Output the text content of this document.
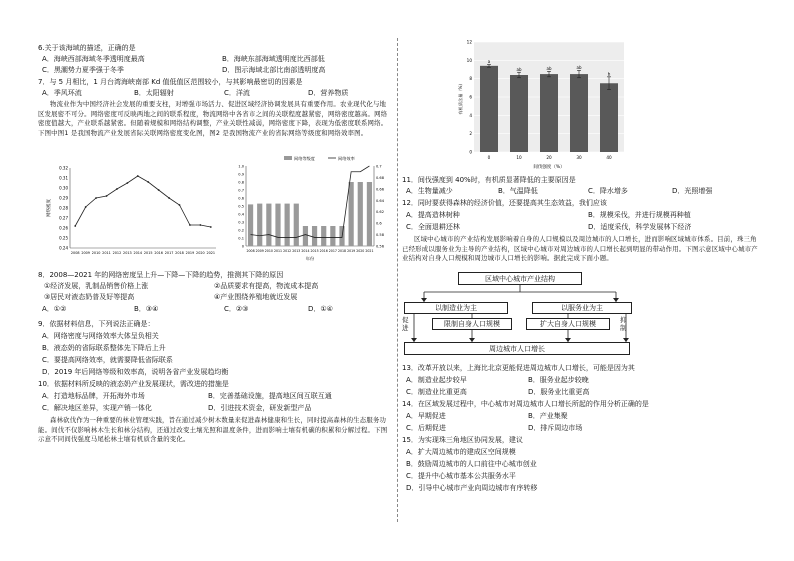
6.关于该海域的描述，正确的是
A．海峡西部海域冬季透明度最高	B．海峡东部海域透明度比西部低
C．黑潮势力夏季强于冬季	D．图示海域北部比南部透明度高
7．与 5 月相比，1 月台湾海峡南部 Kd 值低值区范围较小，与其影响最密切的因素是
A．季风环流	B．太阳辐射	C．洋流	D．营养物质
物流业作为中国经济社会发展的重要支柱，对增强市场活力、促进区域经济协调发展具有重要作用。农业现代化与地区发展密不可分。网络密度可反映两地之间的联系程度，物流网络中各省市之间的关联程度越紧密，网络密度越高。网络密度值越大，产业联系越紧密。但随着规模和网络结构调整，产业关联性减弱，网络密度下降，表现为低密度联系网络。下图中图1 是我国物流产业发展省际关联网络密度变化图，图2 是我国物流产业的省际网络等级度和网络效率图。
0.32
0.31
0.30
0.29
0.28
0.27
0.26
0.25
0.24
网络密度
2008 2009 2010 2011 2012 2013 2014 2015 2016 2017 2018 2019 2020 2021
网络等级度	网络效率
1.0
0.9
0.8
0.7
0.6
0.5
0.4
0.3
0.2
0.1
0
0.7
0.68
0.66
0.64
0.62
0.6
0.58
0.56
2008 2009 2010 2011 2012 2013 2014 2015 2016 2017 2018 2019 2020 2021
年份
8．2008—2021 年的网络密度呈上升—下降—下降的趋势，推测其下降的原因
①经济发展，乳制品销售价格上涨	②品质要求有提高，物流成本提高
③居民对液态奶普及好等提高	④产业围绕养殖地就近发展
A．①②	B．③④	C．②③	D．①④
9．依据材料信息，下列说法正确是：
A．网络密度与网络效率大体呈负相关
B．液态奶的省际联系整体先下降后上升
C．要提高网络效率，就需要降低省际联系
D．2019 年后网络等级和效率高，说明各省产业发展趋均衡
10．依据材料所反映的液态奶产业发展现状，需改进的措施是
A．打造地标品牌，开拓海外市场	B．完善基础设施，提高地区间互联互通
C．解决地区差异，实现产销一体化	D．引进技术资金，研发新型产品
森林砍伐作为一种重要的林业管理实践，旨在通过减少树木数量来促进森林健康和生长，同时提高森林的生态服务功能。间伐不仅影响林木生长和林分结构，还通过改变土壤光照和温度条件，进而影响土壤有机碳的积累和分解过程。下图示意不同间伐强度马尾松林土壤有机质含量的变化。
12
10
8
6
4
2
0
a
ab	ab	ab
b
0	10	20	30	40
有机质含量（%）
间伐强度（%）
11．间伐强度到 40%时，有机质显著降低的主要原因是
A．生物量减少	B．气温降低	C．降水增多	D．光照增强
12．同时要获得森林的经济价值，还要提高其生态效益，我们应该
A．提高造林树种	B．规模采伐，并进行规模再种植
C．全面退耕还林	D．适度采伐，科学发展林下经济
区域中心城市的产业结构发展影响着自身的人口规模以及周边城市的人口增长，进而影响区域城市体系。目前，珠三角已经形成以服务业为主导的产业结构，区域中心城市对周边城市的人口增长起到明显的带动作用。下图示意区域中心城市产业结构对自身人口规模和周边城市人口增长的影响。据此完成下面小题。
区域中心城市产业结构
以制造业为主	以服务业为主
限制自身人口规模	扩大自身人口规模
促进
抑制
周边城市人口增长
13．改革开放以来，上海比北京更能促进周边城市人口增长，可能是因为其
A．制造业起步较早	B．服务业起步较晚
C．制造业比重更高	D．服务业比重更高
14．在区域发展过程中，中心城市对周边城市人口增长所起的作用分析正确的是
A．早期促进	B．产业集聚
C．后期促进	D．排斥周边市场
15．为实现珠三角地区协同发展，建议
A．扩大周边城市的建成区空间规模
B．鼓励周边城市的人口前往中心城市创业
C．提升中心城市基本公共服务水平
D．引导中心城市产业向周边城市有序转移
